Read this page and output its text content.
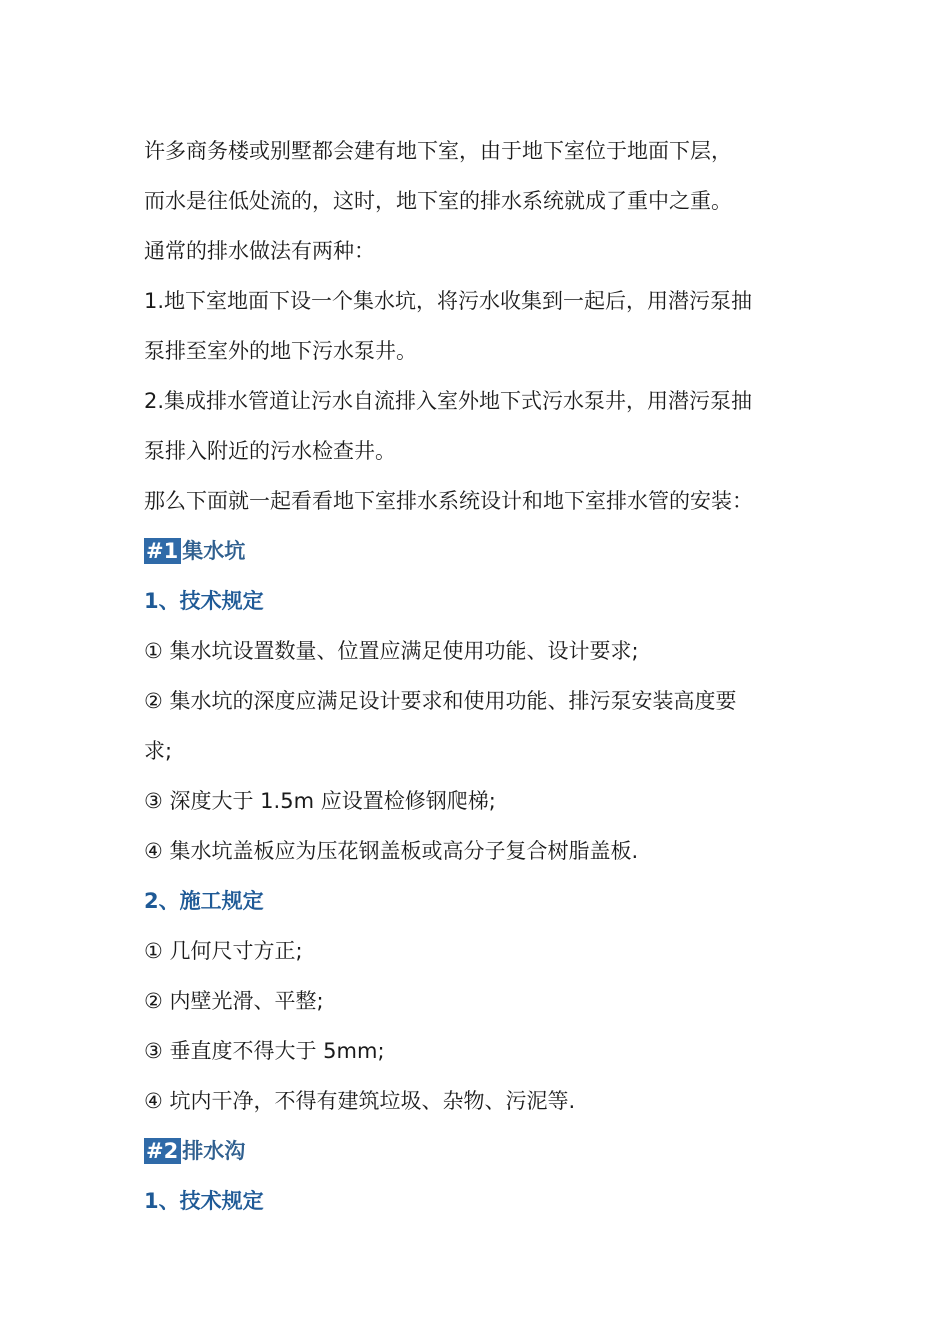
许多商务楼或别墅都会建有地下室，由于地下室位于地面下层，
而水是往低处流的，这时，地下室的排水系统就成了重中之重。
通常的排水做法有两种：
1.地下室地面下设一个集水坑，将污水收集到一起后，用潜污泵抽
泵排至室外的地下污水泵井。
2.集成排水管道让污水自流排入室外地下式污水泵井，用潜污泵抽
泵排入附近的污水检查井。
那么下面就一起看看地下室排水系统设计和地下室排水管的安装：
#1 集水坑
1、技术规定
① 集水坑设置数量、位置应满足使用功能、设计要求;
② 集水坑的深度应满足设计要求和使用功能、排污泵安装高度要
求;
③ 深度大于 1.5m 应设置检修钢爬梯;
④ 集水坑盖板应为压花钢盖板或高分子复合树脂盖板.
2、施工规定
① 几何尺寸方正;
② 内壁光滑、平整;
③ 垂直度不得大于 5mm;
④ 坑内干净，不得有建筑垃圾、杂物、污泥等.
#2 排水沟
1、技术规定
